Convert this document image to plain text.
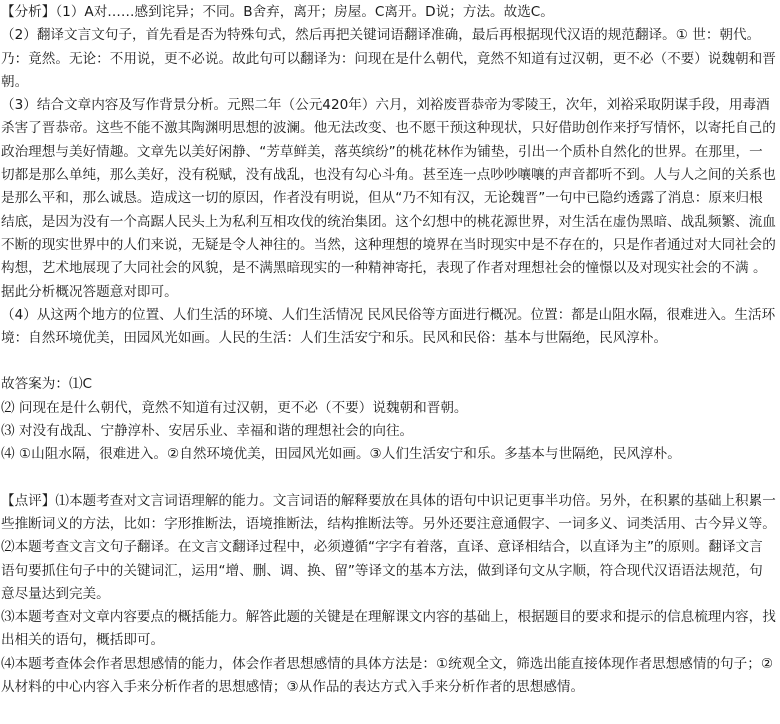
【分析】（1）A对……感到诧异；不同。B舍弃，离开；房屋。C离开。D说；方法。故选C。

（2）翻译文言文句子，首先看是否为特殊句式，然后再把关键词语翻译准确，最后再根据现代汉语的规范翻译。① 世：朝代。乃：竟然。无论：不用说，更不必说。故此句可以翻译为：问现在是什么朝代，竟然不知道有过汉朝，更不必（不要）说魏朝和晋朝。

（3）结合文章内容及写作背景分析。元熙二年（公元420年）六月，刘裕废晋恭帝为零陵王，次年，刘裕采取阴谋手段，用毒酒杀害了晋恭帝。这些不能不激其陶渊明思想的波澜。他无法改变、也不愿干预这种现状，只好借助创作来抒写情怀，以寄托自己的政治理想与美好情趣。文章先以美好闲静、“芳草鲜美，落英缤纷”的桃花林作为铺垫，引出一个质朴自然化的世界。在那里，一切都是那么单纯，那么美好，没有税赋，没有战乱，也没有勾心斗角。甚至连一点吵吵嚷嚷的声音都听不到。人与人之间的关系也是那么平和，那么诚恳。造成这一切的原因，作者没有明说，但从“乃不知有汉，无论魏晋”一句中已隐约透露了消息：原来归根结底，是因为没有一个高踞人民头上为私利互相攻伐的统治集团。这个幻想中的桃花源世界，对生活在虚伪黑暗、战乱频繁、流血不断的现实世界中的人们来说，无疑是令人神往的。当然，这种理想的境界在当时现实中是不存在的，只是作者通过对大同社会的构想，艺术地展现了大同社会的风貌，是不满黑暗现实的一种精神寄托，表现了作者对理想社会的憧憬以及对现实社会的不满 。据此分析概况答题意对即可。

（4）从这两个地方的位置、人们生活的环境、人们生活情况 民风民俗等方面进行概况。位置：都是山阻水隔，很难进入。生活环境：自然环境优美，田园风光如画。人民的生活：人们生活安宁和乐。民风和民俗：基本与世隔绝，民风淳朴。

故答案为：⑴C

⑵ 问现在是什么朝代，竟然不知道有过汉朝，更不必（不要）说魏朝和晋朝。

⑶ 对没有战乱、宁静淳朴、安居乐业、幸福和谐的理想社会的向往。

⑷ ①山阻水隔，很难进入。②自然环境优美，田园风光如画。③人们生活安宁和乐。多基本与世隔绝，民风淳朴。

【点评】⑴本题考查对文言词语理解的能力。文言词语的解释要放在具体的语句中识记更事半功倍。另外，在积累的基础上积累一些推断词义的方法，比如：字形推断法，语境推断法，结构推断法等。另外还要注意通假字、一词多义、词类活用、古今异义等。

⑵本题考查文言文句子翻译。在文言文翻译过程中，必须遵循“字字有着落，直译、意译相结合，以直译为主”的原则。翻译文言语句要抓住句子中的关键词汇，运用“增、删、调、换、留”等译文的基本方法，做到译句文从字顺，符合现代汉语语法规范，句意尽量达到完美。

⑶本题考查对文章内容要点的概括能力。解答此题的关键是在理解课文内容的基础上，根据题目的要求和提示的信息梳理内容，找出相关的语句，概括即可。

⑷本题考查体会作者思想感情的能力，体会作者思想感情的具体方法是：①统观全文，筛选出能直接体现作者思想感情的句子；②从材料的中心内容入手来分析作者的思想感情；③从作品的表达方式入手来分析作者的思想感情。
